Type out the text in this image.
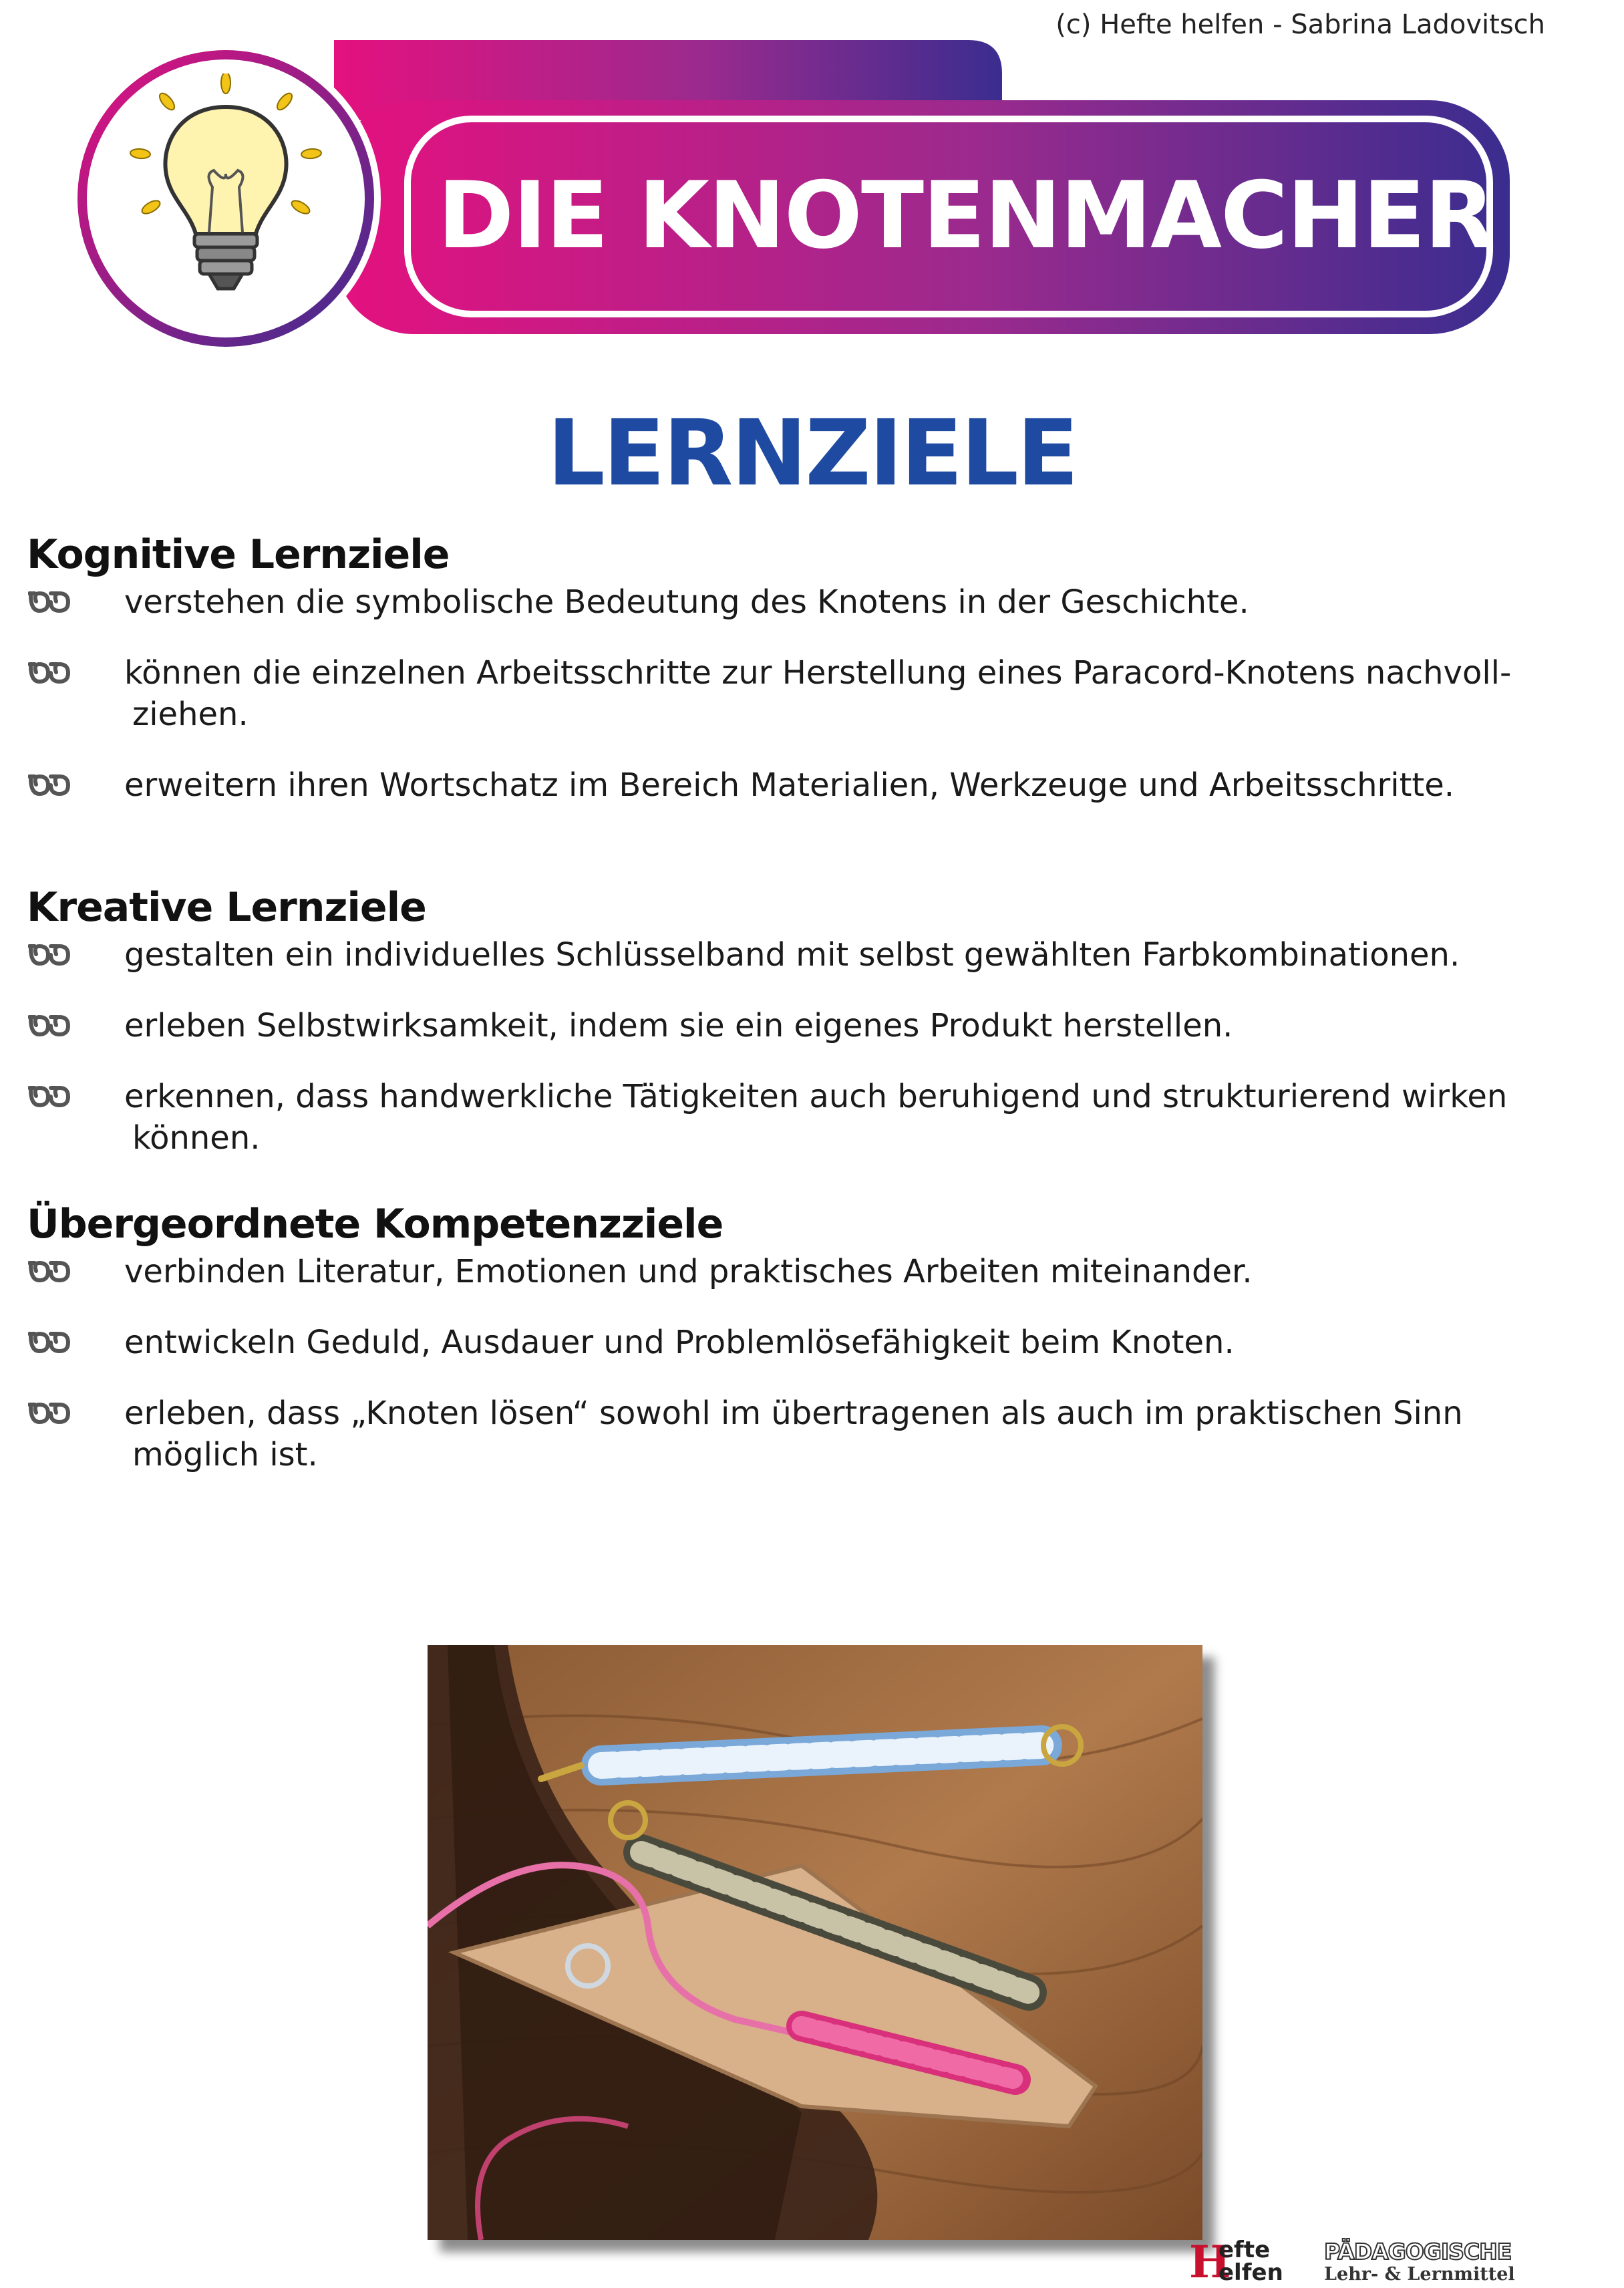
(c) Hefte helfen - Sabrina Ladovitsch
DIE KNOTENMACHER
LERNZIELE
Kognitive Lernziele
verstehen die symbolische Bedeutung des Knotens in der Geschichte.
können die einzelnen Arbeitsschritte zur Herstellung eines Paracord-Knotens nachvoll-
ziehen.
erweitern ihren Wortschatz im Bereich Materialien, Werkzeuge und Arbeitsschritte.
Kreative Lernziele
gestalten ein individuelles Schlüsselband mit selbst gewählten Farbkombinationen.
erleben Selbstwirksamkeit, indem sie ein eigenes Produkt herstellen.
erkennen, dass handwerkliche Tätigkeiten auch beruhigend und strukturierend wirken
können.
Übergeordnete Kompetenzziele
verbinden Literatur, Emotionen und praktisches Arbeiten miteinander.
entwickeln Geduld, Ausdauer und Problemlösefähigkeit beim Knoten.
erleben, dass „Knoten lösen“ sowohl im übertragenen als auch im praktischen Sinn
möglich ist.
H
efte
elfen
PÄDAGOGISCHE
Lehr- & Lernmittel
